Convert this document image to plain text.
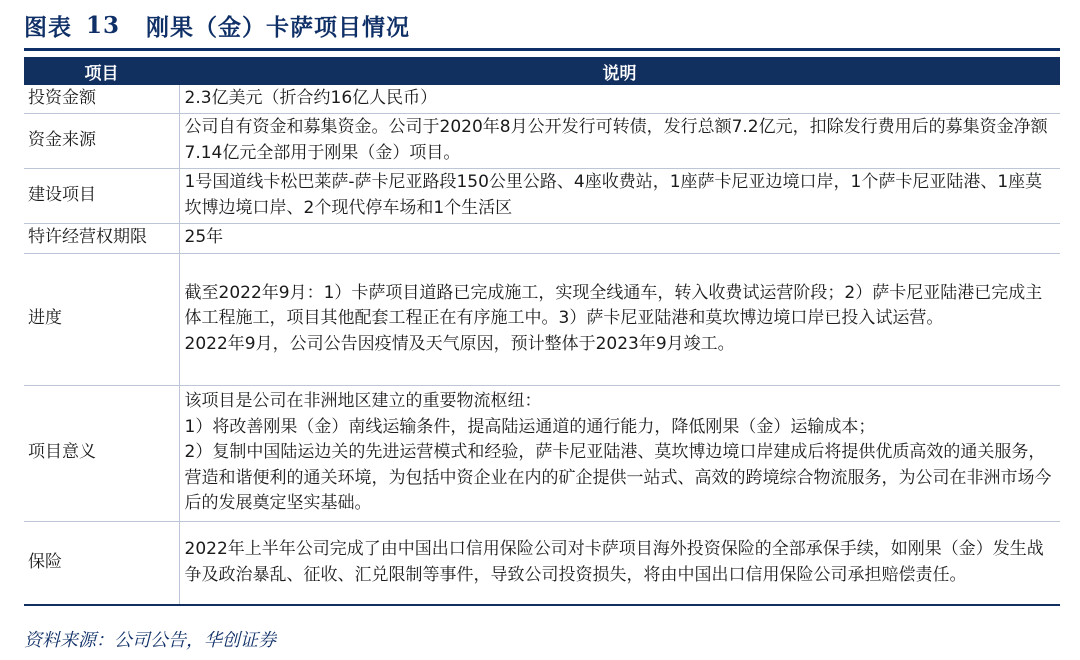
图表 13 刚果（金）卡萨项目情况
项目	说明
投资金额	2.3亿美元（折合约16亿人民币）

资金来源	公司自有资金和募集资金。公司于2020年8月公开发行可转债，发行总额7.2亿元，扣除发行费用后的募集资金净额7.14亿元全部用于刚果（金）项目。

建设项目	1号国道线卡松巴莱萨-萨卡尼亚路段150公里公路、4座收费站，1座萨卡尼亚边境口岸，1个萨卡尼亚陆港、1座莫坎博边境口岸、2个现代停车场和1个生活区

特许经营权期限	25年

进度	截至2022年9月：1）卡萨项目道路已完成施工，实现全线通车，转入收费试运营阶段；2）萨卡尼亚陆港已完成主体工程施工，项目其他配套工程正在有序施工中。3）萨卡尼亚陆港和莫坎博边境口岸已投入试运营。
2022年9月，公司公告因疫情及天气原因，预计整体于2023年9月竣工。

项目意义	该项目是公司在非洲地区建立的重要物流枢纽：
1）将改善刚果（金）南线运输条件，提高陆运通道的通行能力，降低刚果（金）运输成本；
2）复制中国陆运边关的先进运营模式和经验，萨卡尼亚陆港、莫坎博边境口岸建成后将提供优质高效的通关服务，营造和谐便利的通关环境，为包括中资企业在内的矿企提供一站式、高效的跨境综合物流服务，为公司在非洲市场今后的发展奠定坚实基础。

保险	2022年上半年公司完成了由中国出口信用保险公司对卡萨项目海外投资保险的全部承保手续，如刚果（金）发生战争及政治暴乱、征收、汇兑限制等事件，导致公司投资损失，将由中国出口信用保险公司承担赔偿责任。
资料来源：公司公告，华创证券
